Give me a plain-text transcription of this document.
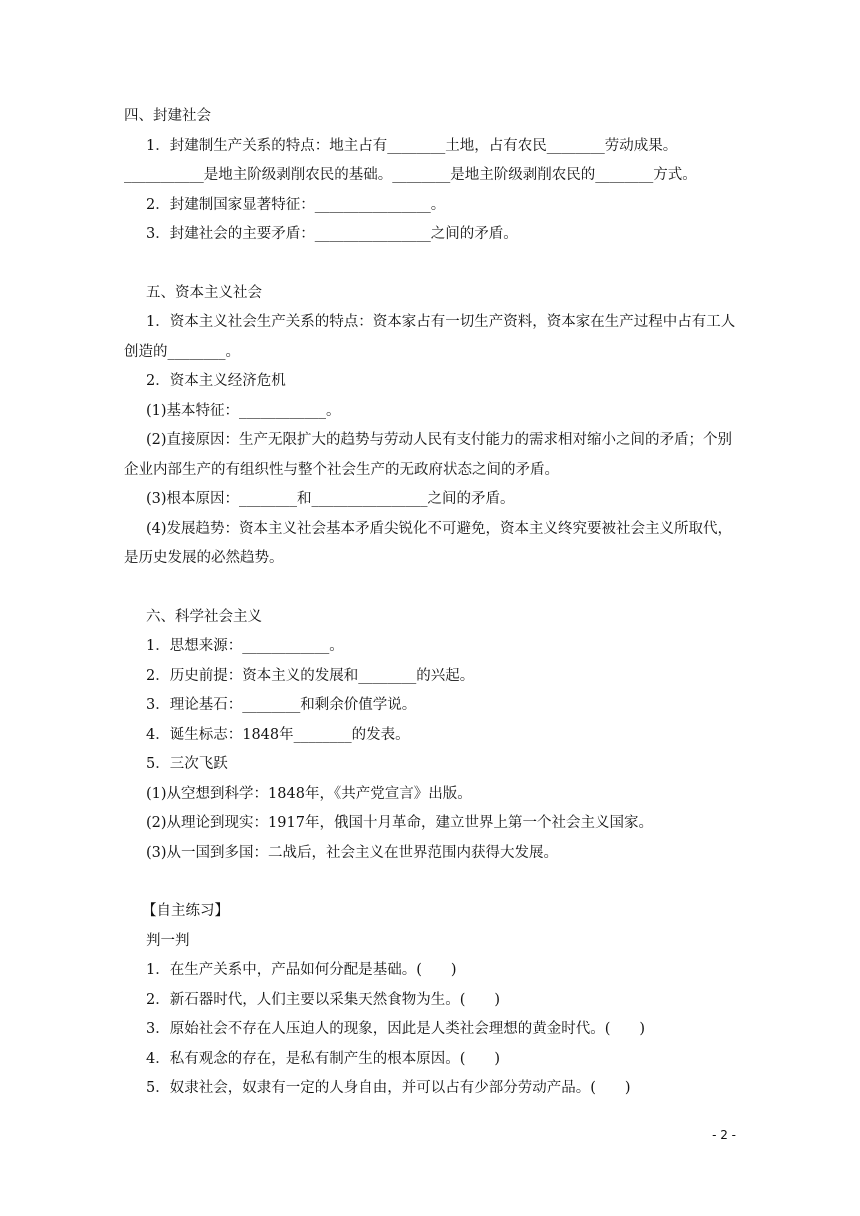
四、封建社会
1．封建制生产关系的特点：地主占有________土地，占有农民________劳动成果。
___________是地主阶级剥削农民的基础。________是地主阶级剥削农民的________方式。
2．封建制国家显著特征：________________。
3．封建社会的主要矛盾：________________之间的矛盾。
五、资本主义社会
1．资本主义社会生产关系的特点：资本家占有一切生产资料，资本家在生产过程中占有工人创造的________。
2．资本主义经济危机
(1)基本特征：____________。
(2)直接原因：生产无限扩大的趋势与劳动人民有支付能力的需求相对缩小之间的矛盾；个别企业内部生产的有组织性与整个社会生产的无政府状态之间的矛盾。
(3)根本原因：________和________________之间的矛盾。
(4)发展趋势：资本主义社会基本矛盾尖锐化不可避免，资本主义终究要被社会主义所取代，是历史发展的必然趋势。
六、科学社会主义
1．思想来源：____________。
2．历史前提：资本主义的发展和________的兴起。
3．理论基石：________和剩余价值学说。
4．诞生标志：1848年________的发表。
5．三次飞跃
(1)从空想到科学：1848年，《共产党宣言》出版。
(2)从理论到现实：1917年，俄国十月革命，建立世界上第一个社会主义国家。
(3)从一国到多国：二战后，社会主义在世界范围内获得大发展。
【自主练习】
判一判
1．在生产关系中，产品如何分配是基础。(　　)
2．新石器时代，人们主要以采集天然食物为生。(　　)
3．原始社会不存在人压迫人的现象，因此是人类社会理想的黄金时代。(　　)
4．私有观念的存在，是私有制产生的根本原因。(　　)
5．奴隶社会，奴隶有一定的人身自由，并可以占有少部分劳动产品。(　　)
- 2 -
